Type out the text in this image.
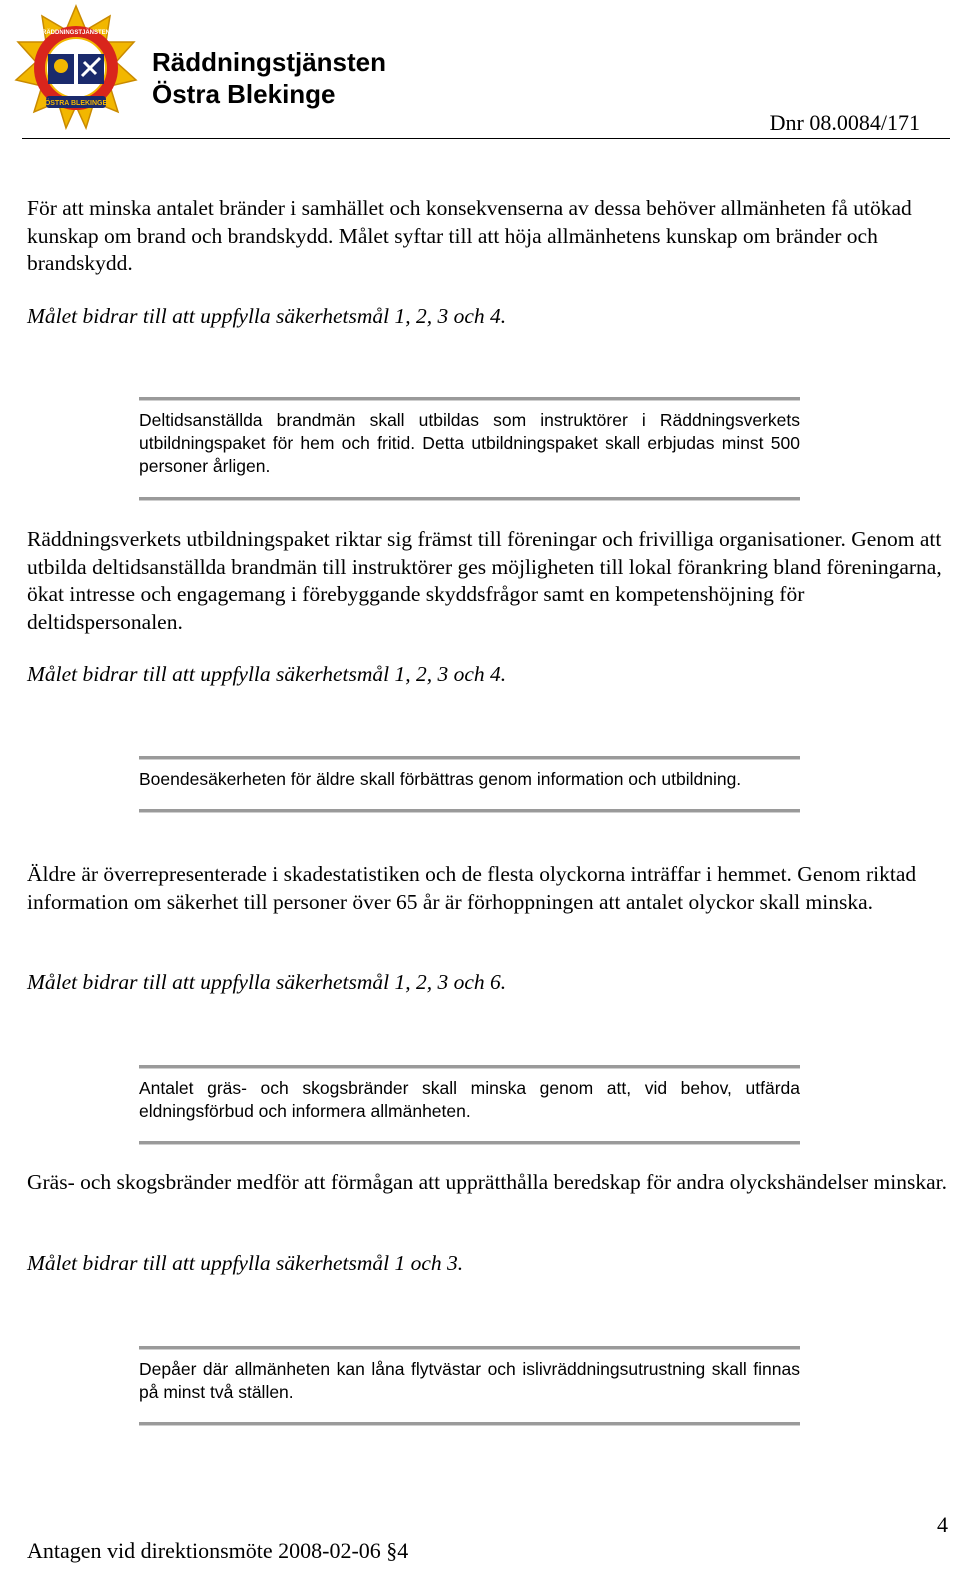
ÖSTRA BLEKINGE
RÄDDNINGSTJÄNSTEN
Räddningstjänsten
Östra Blekinge
Dnr 08.0084/171

För att minska antalet bränder i samhället och konsekvenserna av dessa behöver allmänheten få utökad kunskap om brand och brandskydd. Målet syftar till att höja allmänhetens kunskap om bränder och brandskydd.

Målet bidrar till att uppfylla säkerhetsmål 1, 2, 3 och 4.

Deltidsanställda brandmän skall utbildas som instruktörer i Räddningsverkets utbildningspaket för hem och fritid. Detta utbildningspaket skall erbjudas minst 500 personer årligen.

Räddningsverkets utbildningspaket riktar sig främst till föreningar och frivilliga organisationer. Genom att utbilda deltidsanställda brandmän till instruktörer ges möjligheten till lokal förankring bland föreningarna, ökat intresse och engagemang i förebyggande skyddsfrågor samt en kompetenshöjning för deltidspersonalen.

Målet bidrar till att uppfylla säkerhetsmål 1, 2, 3 och 4.

Boendesäkerheten för äldre skall förbättras genom information och utbildning.

Äldre är överrepresenterade i skadestatistiken och de flesta olyckorna inträffar i hemmet. Genom riktad information om säkerhet till personer över 65 år är förhoppningen att antalet olyckor skall minska.

Målet bidrar till att uppfylla säkerhetsmål 1, 2, 3 och 6.

Antalet gräs- och skogsbränder skall minska genom att, vid behov, utfärda eldningsförbud och informera allmänheten.

Gräs- och skogsbränder medför att förmågan att upprätthålla beredskap för andra olyckshändelser minskar.

Målet bidrar till att uppfylla säkerhetsmål 1 och 3.

Depåer där allmänheten kan låna flytvästar och islivräddningsutrustning skall finnas på minst två ställen.

4
Antagen vid direktionsmöte 2008-02-06 §4
